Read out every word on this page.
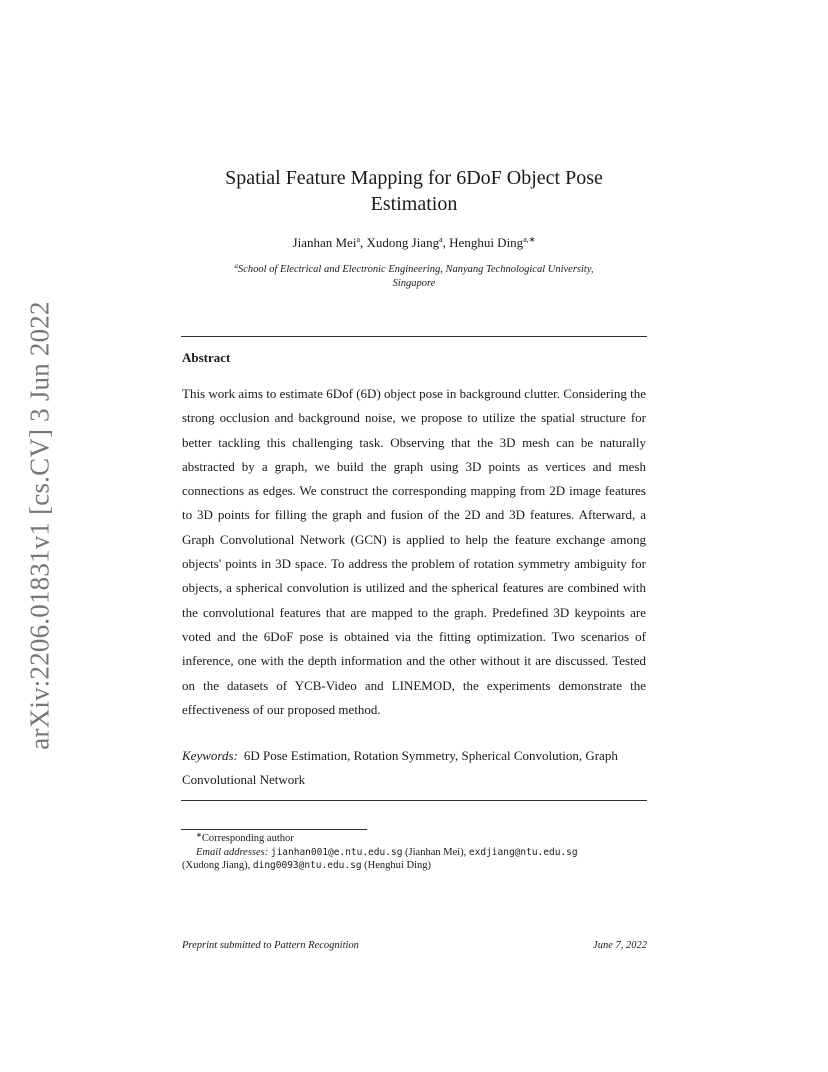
arXiv:2206.01831v1 [cs.CV] 3 Jun 2022
Spatial Feature Mapping for 6DoF Object Pose
Estimation
Jianhan Mei$^a$, Xudong Jiang$^a$, Henghui Ding$^{a,∗}$
$^a$School of Electrical and Electronic Engineering, Nanyang Technological University,
Singapore
Abstract
This work aims to estimate 6Dof (6D) object pose in background clutter. Considering the strong occlusion and background noise, we propose to utilize the spatial structure for better tackling this challenging task. Observing that the 3D mesh can be naturally abstracted by a graph, we build the graph using 3D points as vertices and mesh connections as edges. We construct the corresponding mapping from 2D image features to 3D points for filling the graph and fusion of the 2D and 3D features. Afterward, a Graph Convolutional Network (GCN) is applied to help the feature exchange among objects' points in 3D space. To address the problem of rotation symmetry ambiguity for objects, a spherical convolution is utilized and the spherical features are combined with the convolutional features that are mapped to the graph. Predefined 3D keypoints are voted and the 6DoF pose is obtained via the fitting optimization. Two scenarios of inference, one with the depth information and the other without it are discussed. Tested on the datasets of YCB-Video and LINEMOD, the experiments demonstrate the effectiveness of our proposed method.
Keywords: 6D Pose Estimation, Rotation Symmetry, Spherical Convolution, Graph Convolutional Network
∗Corresponding author
Email addresses: jianhan001@e.ntu.edu.sg (Jianhan Mei), exdjiang@ntu.edu.sg
(Xudong Jiang), ding0093@ntu.edu.sg (Henghui Ding)
Preprint submitted to Pattern Recognition	June 7, 2022
